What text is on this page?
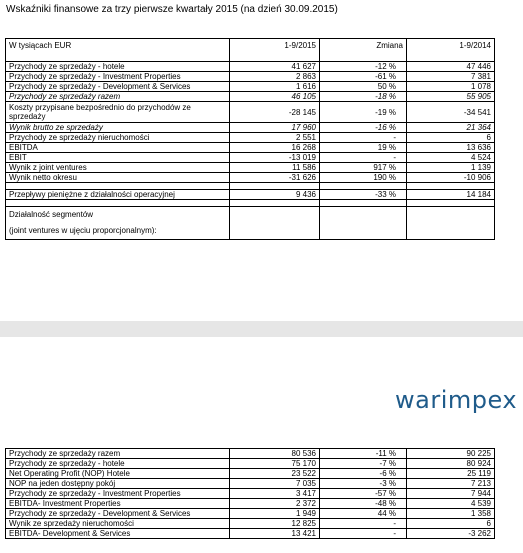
Wskaźniki finansowe za trzy pierwsze kwartały 2015 (na dzień 30.09.2015)
W tysiącach EUR	1-9/2015	Zmiana	1-9/2014
Przychody ze sprzedaży - hotele	41 627	-12 %	47 446
Przychody ze sprzedaży - Investment Properties	2 863	-61 %	7 381
Przychody ze sprzedaży - Development & Services	1 616	50 %	1 078
Przychody ze sprzedaży razem	46 105	-18 %	55 905
Koszty przypisane bezpośrednio do przychodów ze sprzedaży	-28 145	-19 %	-34 541
Wynik brutto ze sprzedaży	17 960	-16 %	21 364
Przychody ze sprzedaży nieruchomości	2 551	-	6
EBITDA	16 268	19 %	13 636
EBIT	-13 019	-	4 524
Wynik z joint ventures	11 586	917 %	1 139
Wynik netto okresu	-31 626	190 %	-10 906

Przepływy pieniężne z działalności operacyjnej	9 436	-33 %	14 184

Działalność segmentów
(joint ventures w ujęciu proporcjonalnym):			

warimpex
Przychody ze sprzedaży razem	80 536	-11 %	90 225
Przychody ze sprzedaży - hotele	75 170	-7 %	80 924
Net Operating Profit (NOP) Hotele	23 522	-6 %	25 119
NOP na jeden dostępny pokój	7 035	-3 %	7 213
Przychody ze sprzedaży - Investment Properties	3 417	-57 %	7 944
EBITDA- Investment Properties	2 372	-48 %	4 539
Przychody ze sprzedaży - Development & Services	1 949	44 %	1 358
Wynik ze sprzedaży nieruchomości	12 825	-	6
EBITDA- Development & Services	13 421	-	-3 262
